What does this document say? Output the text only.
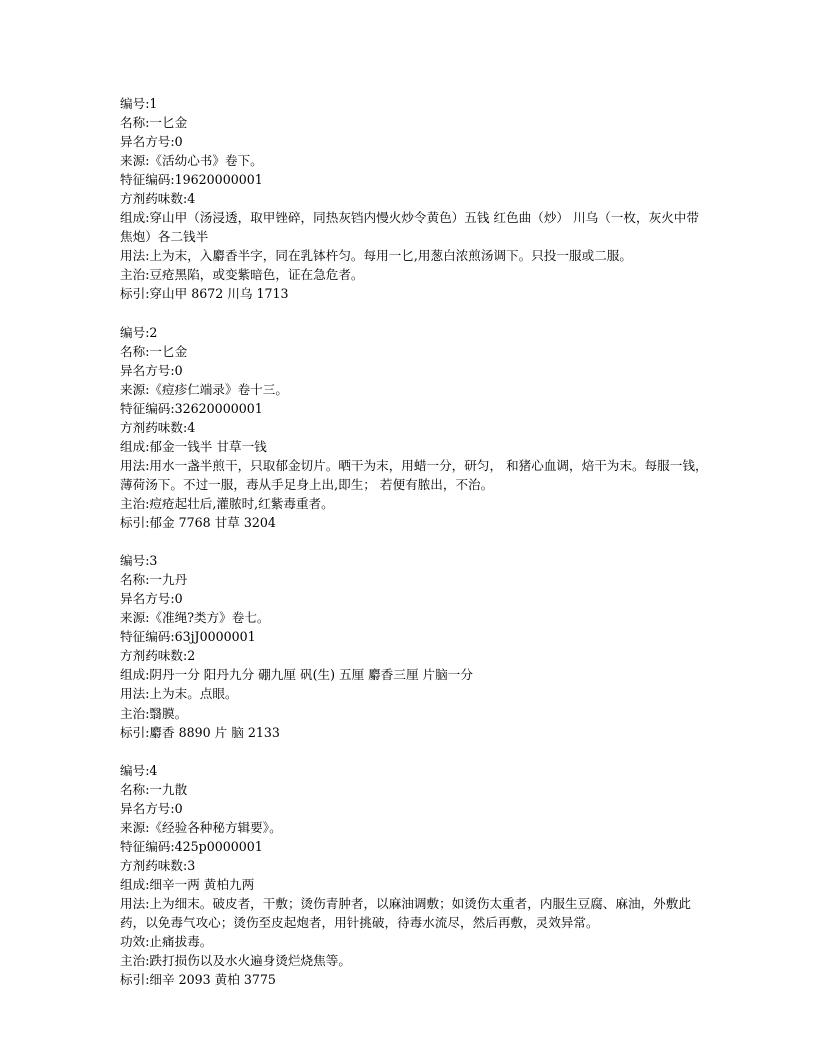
编号:1
名称:一匕金
异名方号:0
来源:《活幼心书》卷下。
特征编码:19620000001
方剂药味数:4
组成:穿山甲（汤浸透，取甲锉碎，同热灰铛内慢火炒令黄色）五钱 红色曲（炒） 川乌（一枚，灰火中带焦炮）各二钱半
用法:上为末，入麝香半字，同在乳钵杵匀。每用一匕,用葱白浓煎汤调下。只投一服或二服。
主治:豆疮黑陷，或变紫暗色，证在急危者。
标引:穿山甲 8672 川乌 1713
编号:2
名称:一匕金
异名方号:0
来源:《痘疹仁端录》卷十三。
特征编码:32620000001
方剂药味数:4
组成:郁金一钱半 甘草一钱
用法:用水一盏半煎干，只取郁金切片。晒干为末，用蜡一分，研匀， 和猪心血调，焙干为末。每服一钱，薄荷汤下。不过一服，毒从手足身上出,即生； 若便有脓出，不治。
主治:痘疮起壮后,灌脓时,红紫毒重者。
标引:郁金 7768 甘草 3204
编号:3
名称:一九丹
异名方号:0
来源:《准绳?类方》卷七。
特征编码:63jJ0000001
方剂药味数:2
组成:阴丹一分 阳丹九分 硼九厘 矾(生) 五厘 麝香三厘 片脑一分
用法:上为末。点眼。
主治:翳膜。
标引:麝香 8890 片 脑 2133
编号:4
名称:一九散
异名方号:0
来源:《经验各种秘方辑要》。
特征编码:425p0000001
方剂药味数:3
组成:细辛一两 黄柏九两
用法:上为细末。破皮者，干敷；烫伤青肿者，以麻油调敷；如烫伤太重者，内服生豆腐、麻油，外敷此药，以免毒气攻心；烫伤至皮起炮者，用针挑破，待毒水流尽，然后再敷，灵效异常。
功效:止痛拔毒。
主治:跌打损伤以及水火遍身烫烂烧焦等。
标引:细辛 2093 黄柏 3775
